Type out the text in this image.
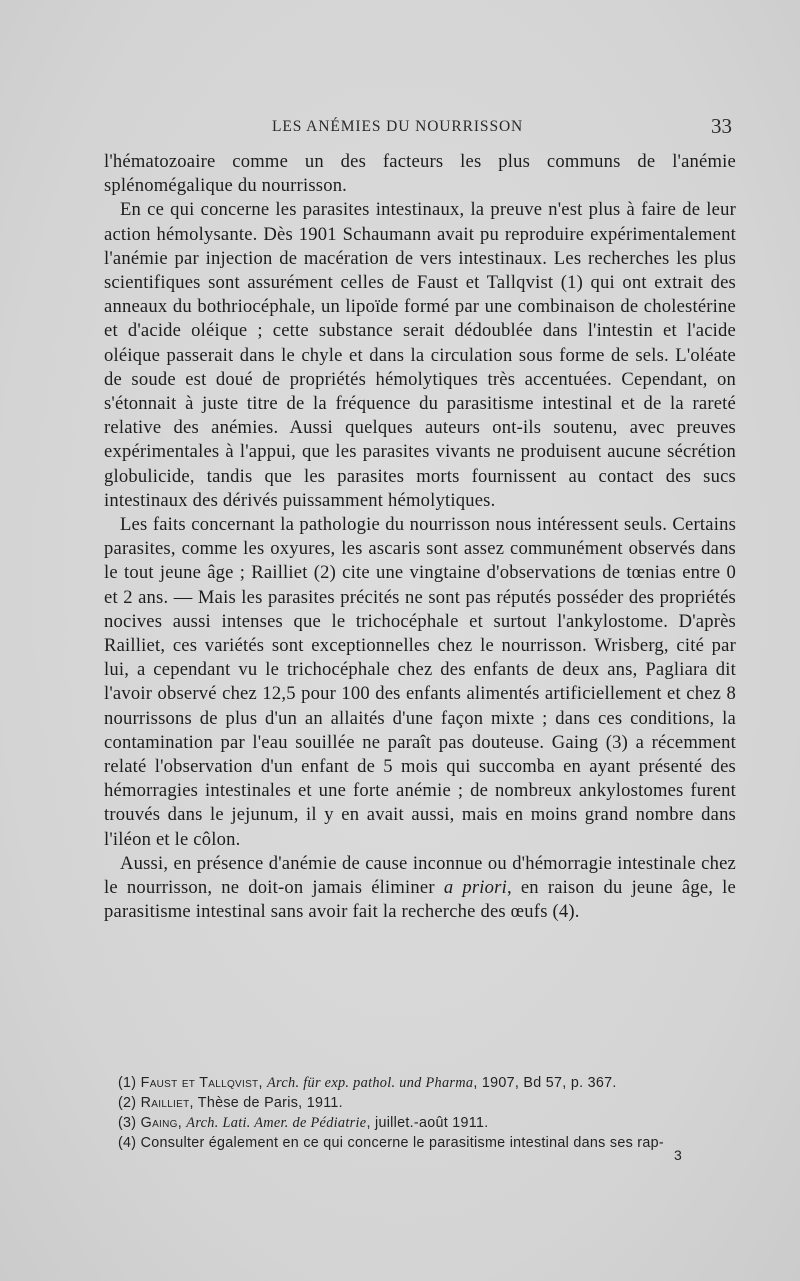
LES ANÉMIES DU NOURRISSON	33

l'hématozoaire comme un des facteurs les plus communs de l'anémie splénomégalique du nourrisson.

En ce qui concerne les parasites intestinaux, la preuve n'est plus à faire de leur action hémolysante. Dès 1901 Schaumann avait pu reproduire expérimentalement l'anémie par injection de macération de vers intestinaux. Les recherches les plus scientifiques sont assurément celles de Faust et Tallqvist (1) qui ont extrait des anneaux du bothriocéphale, un lipoïde formé par une combinaison de cholestérine et d'acide oléique ; cette substance serait dédoublée dans l'intestin et l'acide oléique passerait dans le chyle et dans la circulation sous forme de sels. L'oléate de soude est doué de propriétés hémolytiques très accentuées. Cependant, on s'étonnait à juste titre de la fréquence du parasitisme intestinal et de la rareté relative des anémies. Aussi quelques auteurs ont-ils soutenu, avec preuves expérimentales à l'appui, que les parasites vivants ne produisent aucune sécrétion globulicide, tandis que les parasites morts fournissent au contact des sucs intestinaux des dérivés puissamment hémolytiques.

Les faits concernant la pathologie du nourrisson nous intéressent seuls. Certains parasites, comme les oxyures, les ascaris sont assez communément observés dans le tout jeune âge ; Railliet (2) cite une vingtaine d'observations de tœnias entre 0 et 2 ans. — Mais les parasites précités ne sont pas réputés posséder des propriétés nocives aussi intenses que le trichocéphale et surtout l'ankylostome. D'après Railliet, ces variétés sont exceptionnelles chez le nourrisson. Wrisberg, cité par lui, a cependant vu le trichocéphale chez des enfants de deux ans, Pagliara dit l'avoir observé chez 12,5 pour 100 des enfants alimentés artificiellement et chez 8 nourrissons de plus d'un an allaités d'une façon mixte ; dans ces conditions, la contamination par l'eau souillée ne paraît pas douteuse. Gaing (3) a récemment relaté l'observation d'un enfant de 5 mois qui succomba en ayant présenté des hémorragies intestinales et une forte anémie ; de nombreux ankylostomes furent trouvés dans le jejunum, il y en avait aussi, mais en moins grand nombre dans l'iléon et le côlon.

Aussi, en présence d'anémie de cause inconnue ou d'hémorragie intestinale chez le nourrisson, ne doit-on jamais éliminer a priori, en raison du jeune âge, le parasitisme intestinal sans avoir fait la recherche des œufs (4).

(1) Faust et Tallqvist, Arch. für exp. pathol. und Pharma, 1907, Bd 57, p. 367.

(2) Railliet, Thèse de Paris, 1911.

(3) Gaing, Arch. Lati. Amer. de Pédiatrie, juillet.-août 1911.

(4) Consulter également en ce qui concerne le parasitisme intestinal dans ses rap-

3
